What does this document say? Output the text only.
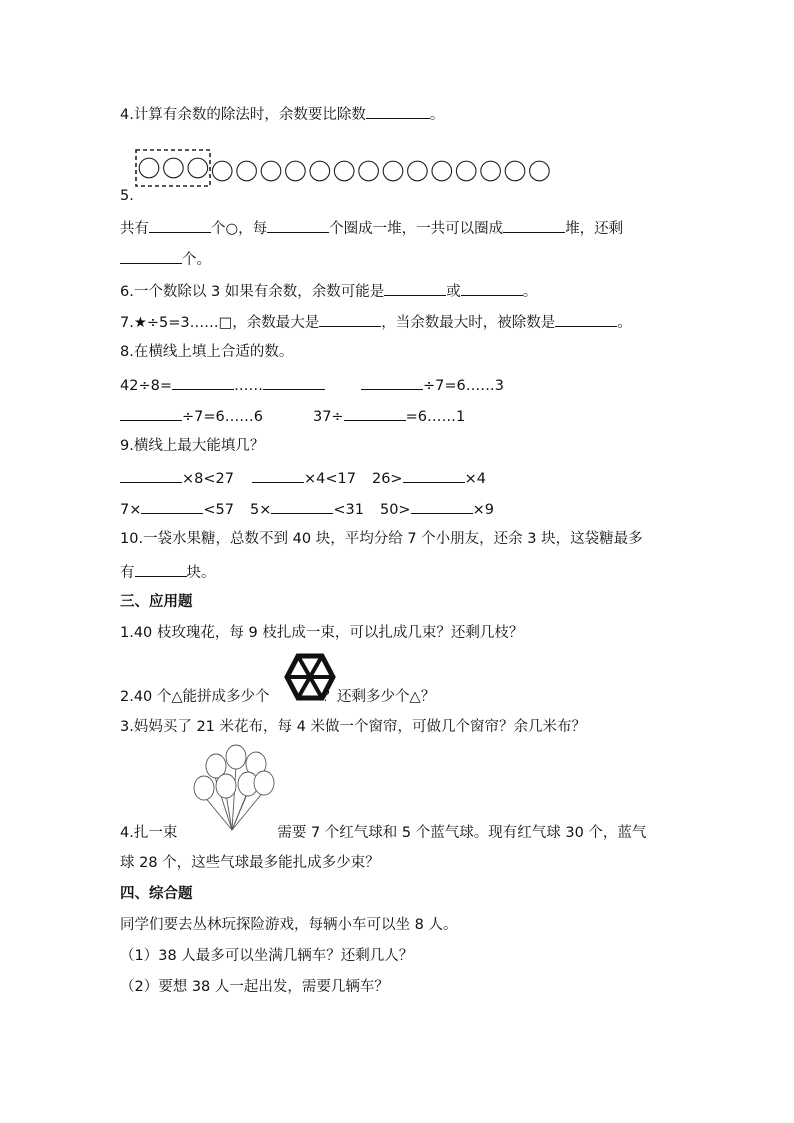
4.计算有余数的除法时，余数要比除数	。
5.
共有	个○，每	个圈成一堆，一共可以圈成	堆，还剩
个。
6.一个数除以 3 如果有余数，余数可能是	或	。
7.★÷5=3……□，余数最大是	，当余数最大时，被除数是	。
8.在横线上填上合适的数。
42÷8=	……	÷7=6……3
÷7=6……6	37÷	=6……1
9.横线上最大能填几？
×8<27	×4<17 26>	×4
7×	<57 5×	<31 50>	×9
10.一袋水果糖，总数不到 40 块，平均分给 7 个小朋友，还余 3 块，这袋糖最多
有	块。
三、应用题
1.40 枝玫瑰花，每 9 枝扎成一束，可以扎成几束？还剩几枝？
2.40 个△能拼成多少个	？还剩多少个△？
3.妈妈买了 21 米花布，每 4 米做一个窗帘，可做几个窗帘？余几米布？
4.扎一束	需要 7 个红气球和 5 个蓝气球。现有红气球 30 个，蓝气
球 28 个，这些气球最多能扎成多少束？
四、综合题
同学们要去丛林玩探险游戏，每辆小车可以坐 8 人。
（1）38 人最多可以坐满几辆车？还剩几人？
（2）要想 38 人一起出发，需要几辆车？
